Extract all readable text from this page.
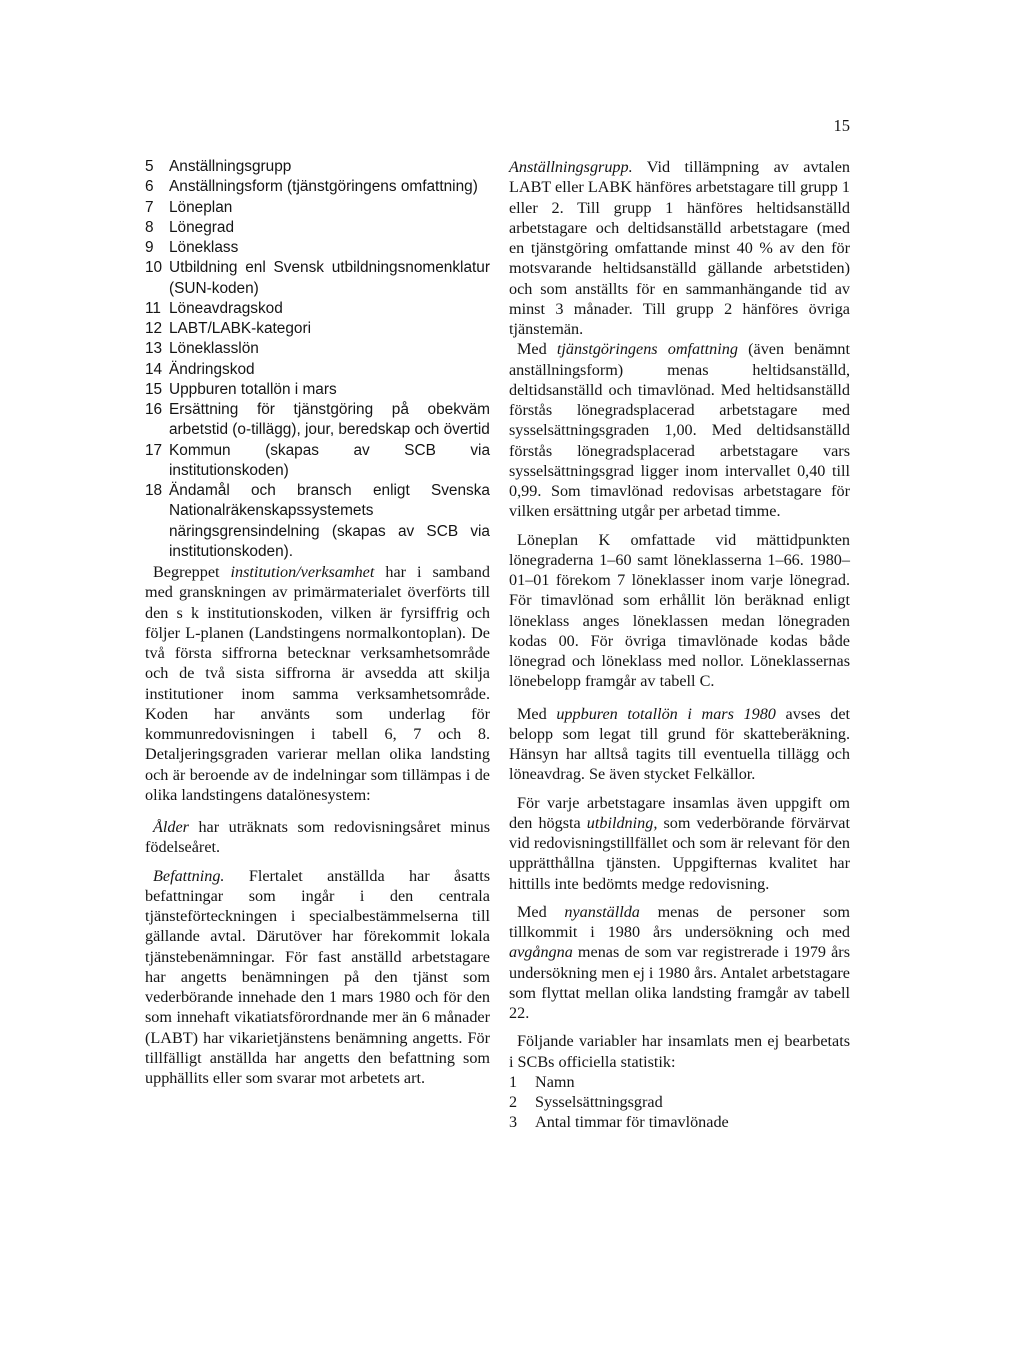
15
5	Anställningsgrupp
6	Anställningsform (tjänstgöringens omfattning)
7	Löneplan
8	Lönegrad
9	Löneklass
10 Utbildning enl Svensk utbildningsnomenklatur (SUN-koden)
11 Löneavdragskod
12 LABT/LABK-kategori
13 Löneklasslön
14 Ändringskod
15 Uppburen totallön i mars
16 Ersättning för tjänstgöring på obekväm arbetstid (o-tillägg), jour, beredskap och övertid
17 Kommun (skapas av SCB via institutionskoden)
18 Ändamål och bransch enligt Svenska Nationalräkenskapssystemets näringsgrensindelning (skapas av SCB via institutionskoden).

Begreppet institution/verksamhet har i samband med granskningen av primärmaterialet överförts till den s k institutionskoden, vilken är fyrsiffrig och följer L-planen (Landstingens normalkontoplan). De två första siffrorna betecknar verksamhetsområde och de två sista siffrorna är avsedda att skilja institutioner inom samma verksamhetsområde. Koden har använts som underlag för kommunredovisningen i tabell 6, 7 och 8. Detaljeringsgraden varierar mellan olika landsting och är beroende av de indelningar som tillämpas i de olika landstingens datalönesystem:

Ålder har uträknats som redovisningsåret minus födelseåret.

Befattning. Flertalet anställda har åsatts befattningar som ingår i den centrala tjänsteförteckningen i specialbestämmelserna till gällande avtal. Därutöver har förekommit lokala tjänstebenämningar. För fast anställd arbetstagare har angetts benämningen på den tjänst som vederbörande innehade den 1 mars 1980 och för den som innehaft vikatiatsförordnande mer än 6 månader (LABT) har vikarietjänstens benämning angetts. För tillfälligt anställda har angetts den befattning som upphällits eller som svarar mot arbetets art.

Anställningsgrupp. Vid tillämpning av avtalen LABT eller LABK hänföres arbetstagare till grupp 1 eller 2. Till grupp 1 hänföres heltidsanställd arbetstagare och deltidsanställd arbetstagare (med en tjänstgöring omfattande minst 40 % av den för motsvarande heltidsanställd gällande arbetstiden) och som anställts för en sammanhängande tid av minst 3 månader. Till grupp 2 hänföres övriga tjänstemän.

Med tjänstgöringens omfattning (även benämnt anställningsform) menas heltidsanställd, deltidsanställd och timavlönad. Med heltidsanställd förstås lönegradsplacerad arbetstagare med sysselsättningsgraden 1,00. Med deltidsanställd förstås lönegradsplacerad arbetstagare vars sysselsättningsgrad ligger inom intervallet 0,40 till 0,99. Som timavlönad redovisas arbetstagare för vilken ersättning utgår per arbetad timme.

Löneplan K omfattade vid mättidpunkten lönegraderna 1–60 samt löneklasserna 1–66. 1980–01–01 förekom 7 löneklasser inom varje lönegrad. För timavlönad som erhållit lön beräknad enligt löneklass anges löneklassen medan lönegraden kodas 00. För övriga timavlönade kodas både lönegrad och löneklass med nollor. Löneklassernas lönebelopp framgår av tabell C.

Med uppburen totallön i mars 1980 avses det belopp som legat till grund för skatteberäkning. Hänsyn har alltså tagits till eventuella tillägg och löneavdrag. Se även stycket Felkällor.

För varje arbetstagare insamlas även uppgift om den högsta utbildning, som vederbörande förvärvat vid redovisningstillfället och som är relevant för den upprätthållna tjänsten. Uppgifternas kvalitet har hittills inte bedömts medge redovisning.

Med nyanställda menas de personer som tillkommit i 1980 års undersökning och med avgångna menas de som var registrerade i 1979 års undersökning men ej i 1980 års. Antalet arbetstagare som flyttat mellan olika landsting framgår av tabell 22.

Följande variabler har insamlats men ej bearbetats i SCBs officiella statistik:

1	Namn
2	Sysselsättningsgrad
3	Antal timmar för timavlönade
